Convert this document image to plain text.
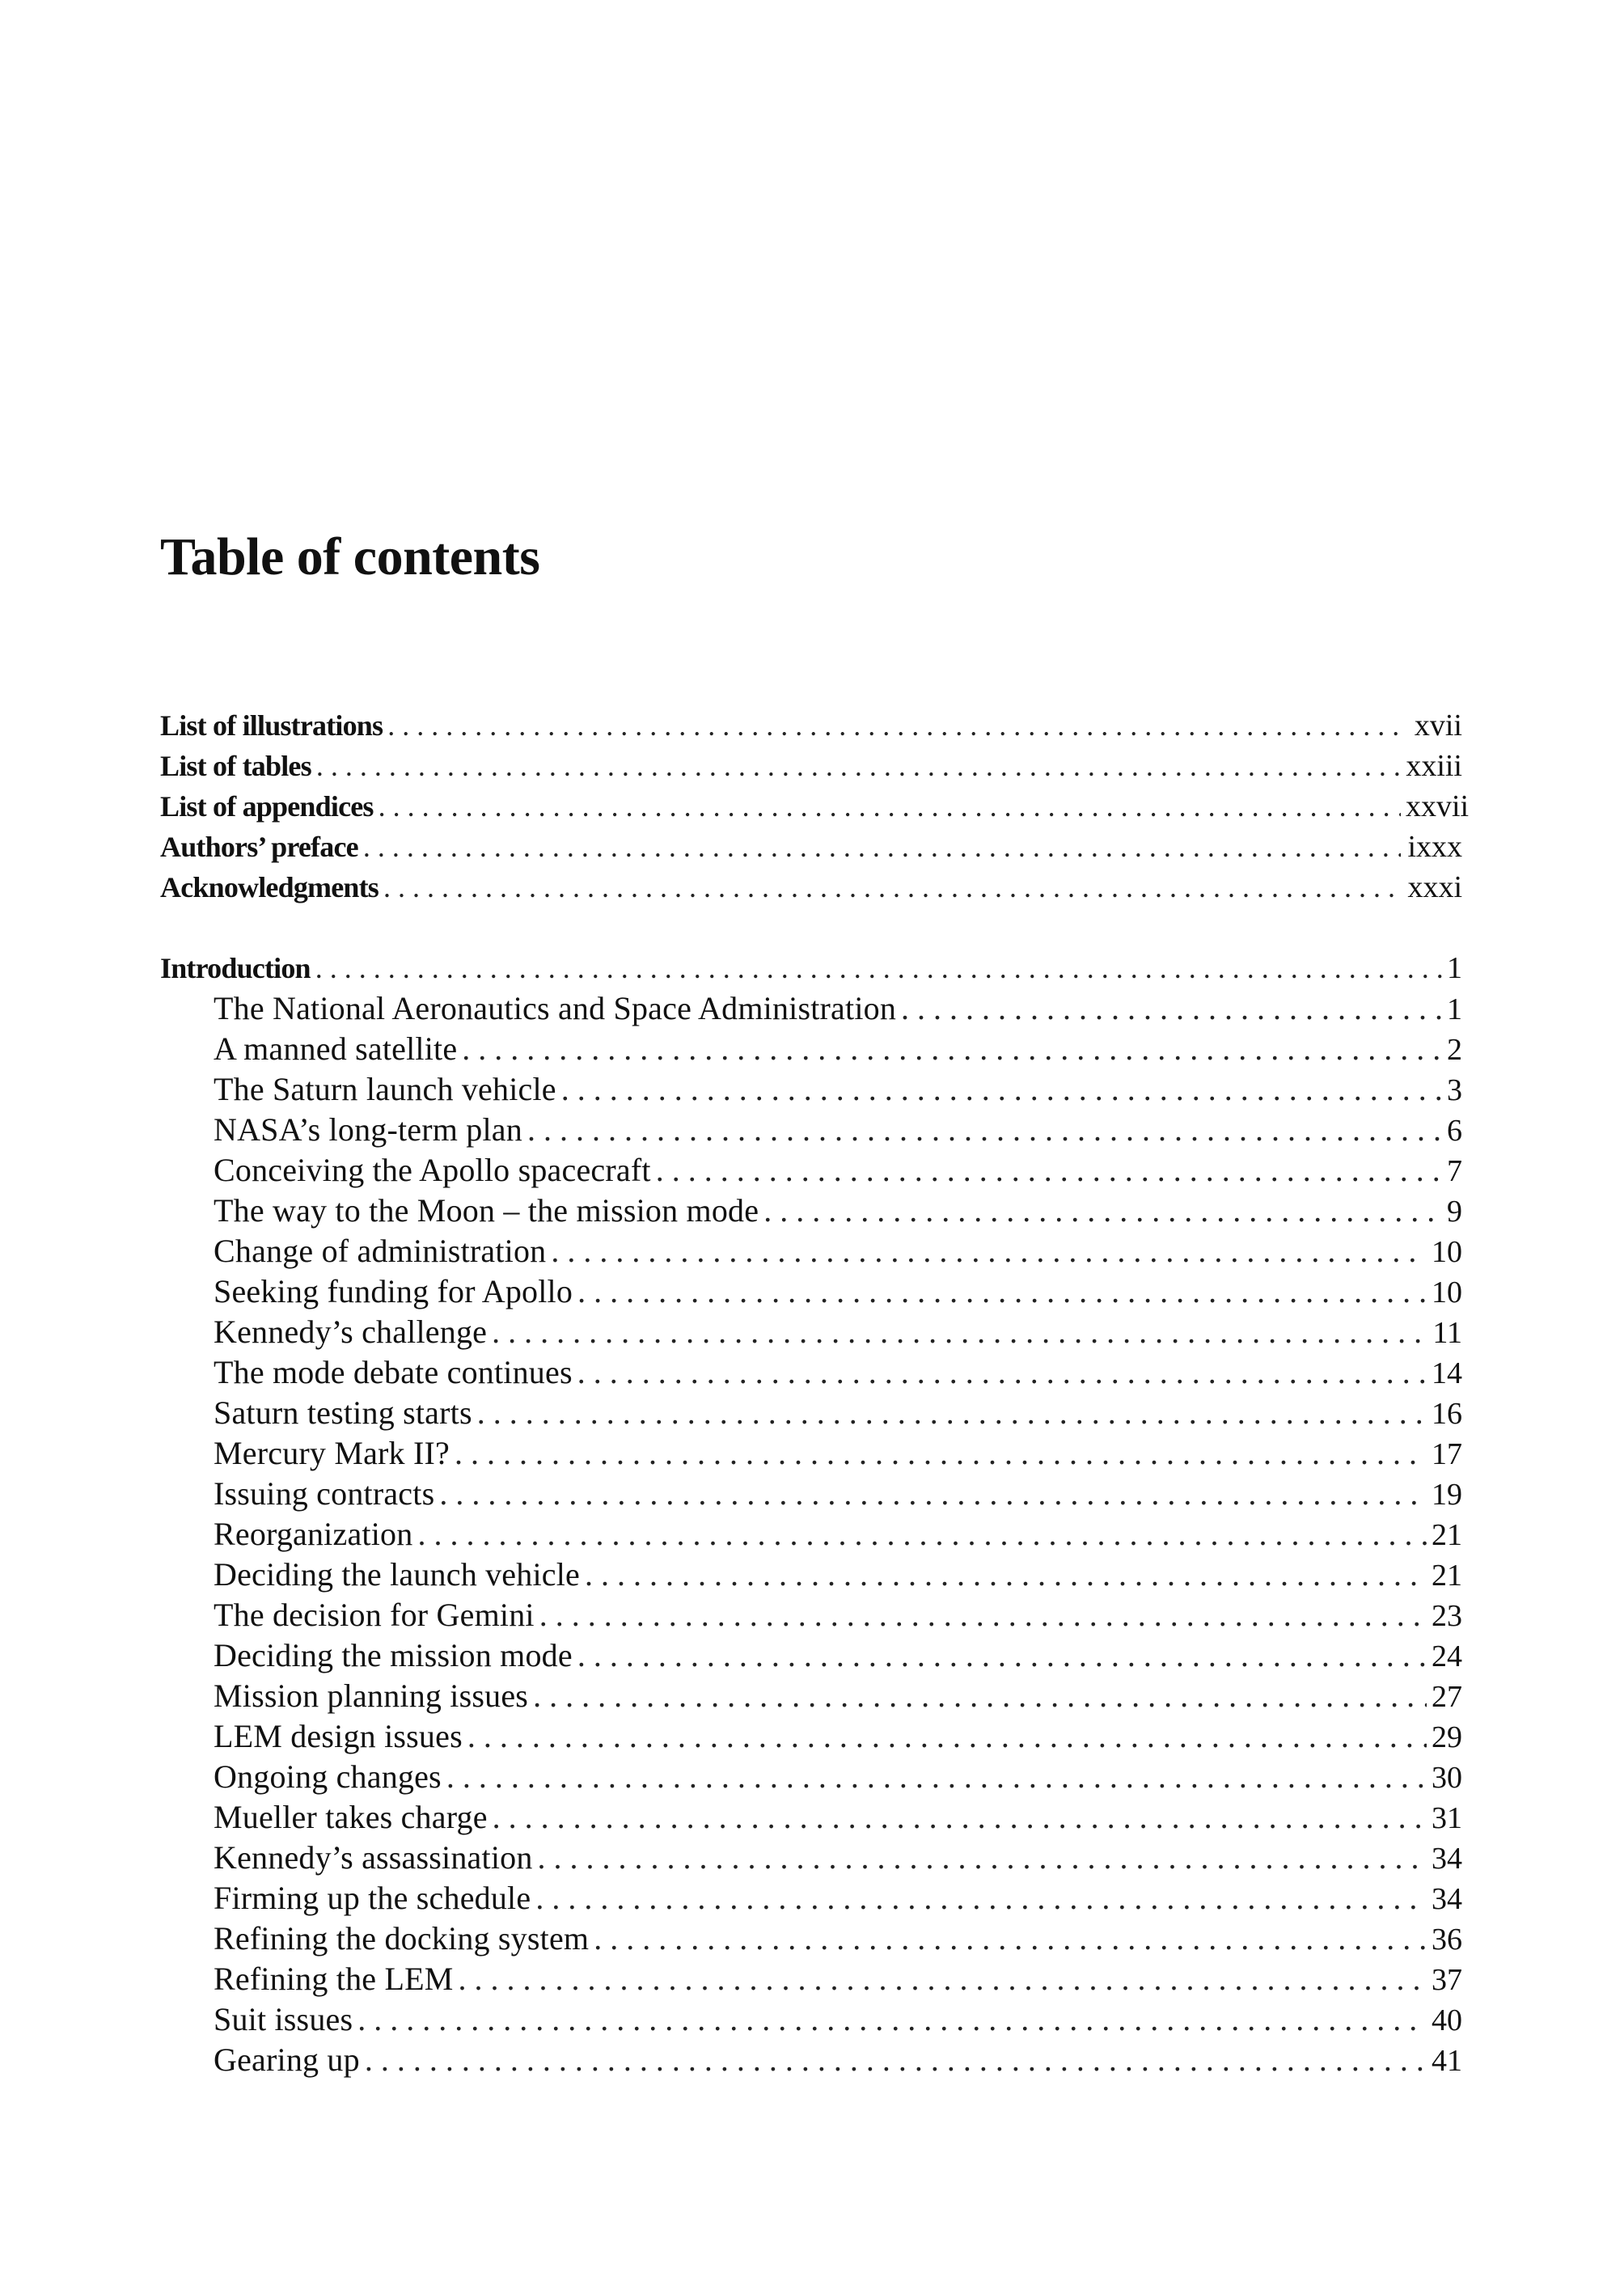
Table of contents
List of illustrations . . .	xvii
List of tables . . .	xxiii
List of appendices . . .	xxvii
Authors’ preface . . .	ixxx
Acknowledgments . . .	xxxi
Introduction . . .	1
The National Aeronautics and Space Administration . . .	1
A manned satellite . . .	2
The Saturn launch vehicle . . .	3
NASA’s long-term plan . . .	6
Conceiving the Apollo spacecraft . . .	7
The way to the Moon – the mission mode . . .	9
Change of administration . . .	10
Seeking funding for Apollo . . .	10
Kennedy’s challenge . . .	11
The mode debate continues . . .	14
Saturn testing starts . . .	16
Mercury Mark II? . . .	17
Issuing contracts . . .	19
Reorganization . . .	21
Deciding the launch vehicle . . .	21
The decision for Gemini . . .	23
Deciding the mission mode . . .	24
Mission planning issues . . .	27
LEM design issues . . .	29
Ongoing changes . . .	30
Mueller takes charge . . .	31
Kennedy’s assassination . . .	34
Firming up the schedule . . .	34
Refining the docking system . . .	36
Refining the LEM . . .	37
Suit issues . . .	40
Gearing up . . .	41
